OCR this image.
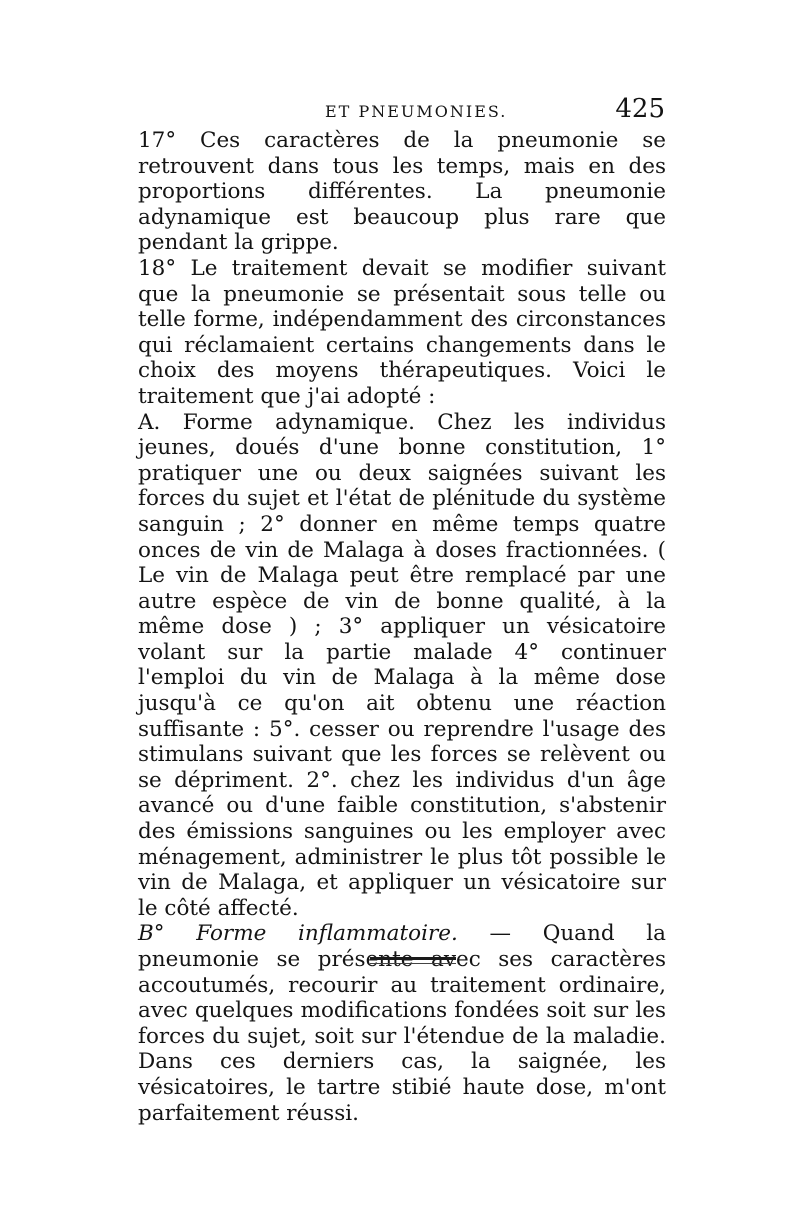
ET PNEUMONIES.	425

17° Ces caractères de la pneumonie se retrouvent dans tous les temps, mais en des proportions différentes. La pneumonie adynamique est beaucoup plus rare que pendant la grippe.

18° Le traitement devait se modifier suivant que la pneumonie se présentait sous telle ou telle forme, indépendamment des circonstances qui réclamaient certains changements dans le choix des moyens thérapeutiques. Voici le traitement que j'ai adopté :

A. Forme adynamique. Chez les individus jeunes, doués d'une bonne constitution, 1° pratiquer une ou deux saignées suivant les forces du sujet et l'état de plénitude du système sanguin ; 2° donner en même temps quatre onces de vin de Malaga à doses fractionnées. ( Le vin de Malaga peut être remplacé par une autre espèce de vin de bonne qualité, à la même dose ) ; 3° appliquer un vésicatoire volant sur la partie malade 4° continuer l'emploi du vin de Malaga à la même dose jusqu'à ce qu'on ait obtenu une réaction suffisante : 5°. cesser ou reprendre l'usage des stimulans suivant que les forces se relèvent ou se dépriment. 2°. chez les individus d'un âge avancé ou d'une faible constitution, s'abstenir des émissions sanguines ou les employer avec ménagement, administrer le plus tôt possible le vin de Malaga, et appliquer un vésicatoire sur le côté affecté.

B° Forme inflammatoire. — Quand la pneumonie se présente avec ses caractères accoutumés, recourir au traitement ordinaire, avec quelques modifications fondées soit sur les forces du sujet, soit sur l'étendue de la maladie. Dans ces derniers cas, la saignée, les vésicatoires, le tartre stibié haute dose, m'ont parfaitement réussi.
